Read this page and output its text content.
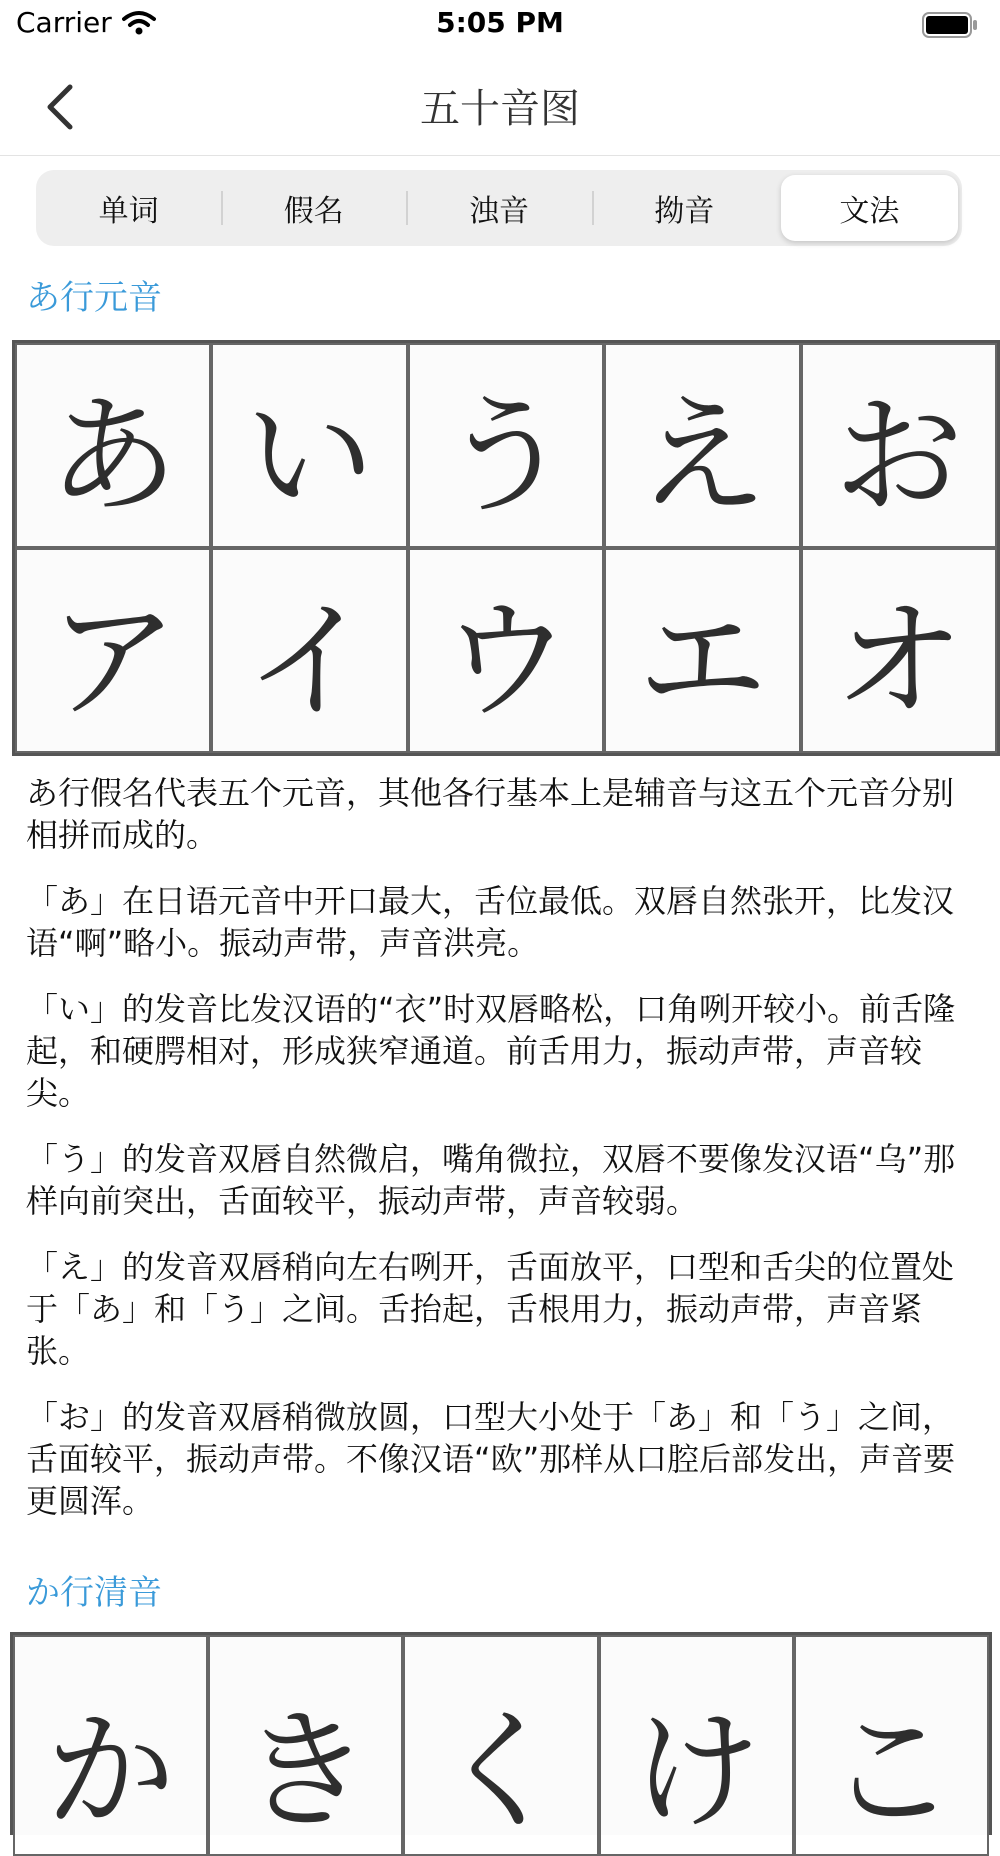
Carrier	5:05 PM
五十音图
单词	假名	浊音	拗音	文法
あ行元音
あ い う え お
ア イ ウ エ オ

あ行假名代表五个元音，其他各行基本上是辅音与这五个元音分别相拼而成的。

「あ」在日语元音中开口最大，舌位最低。双唇自然张开，比发汉语“啊”略小。振动声带，声音洪亮。

「い」的发音比发汉语的“衣”时双唇略松，口角咧开较小。前舌隆起，和硬腭相对，形成狭窄通道。前舌用力，振动声带，声音较尖。

「う」的发音双唇自然微启，嘴角微拉，双唇不要像发汉语“乌”那样向前突出，舌面较平，振动声带，声音较弱。

「え」的发音双唇稍向左右咧开，舌面放平，口型和舌尖的位置处于「あ」和「う」之间。舌抬起，舌根用力，振动声带，声音紧张。

「お」的发音双唇稍微放圆，口型大小处于「あ」和「う」之间，舌面较平，振动声带。不像汉语“欧”那样从口腔后部发出，声音要更圆浑。

か行清音
か き く け こ
